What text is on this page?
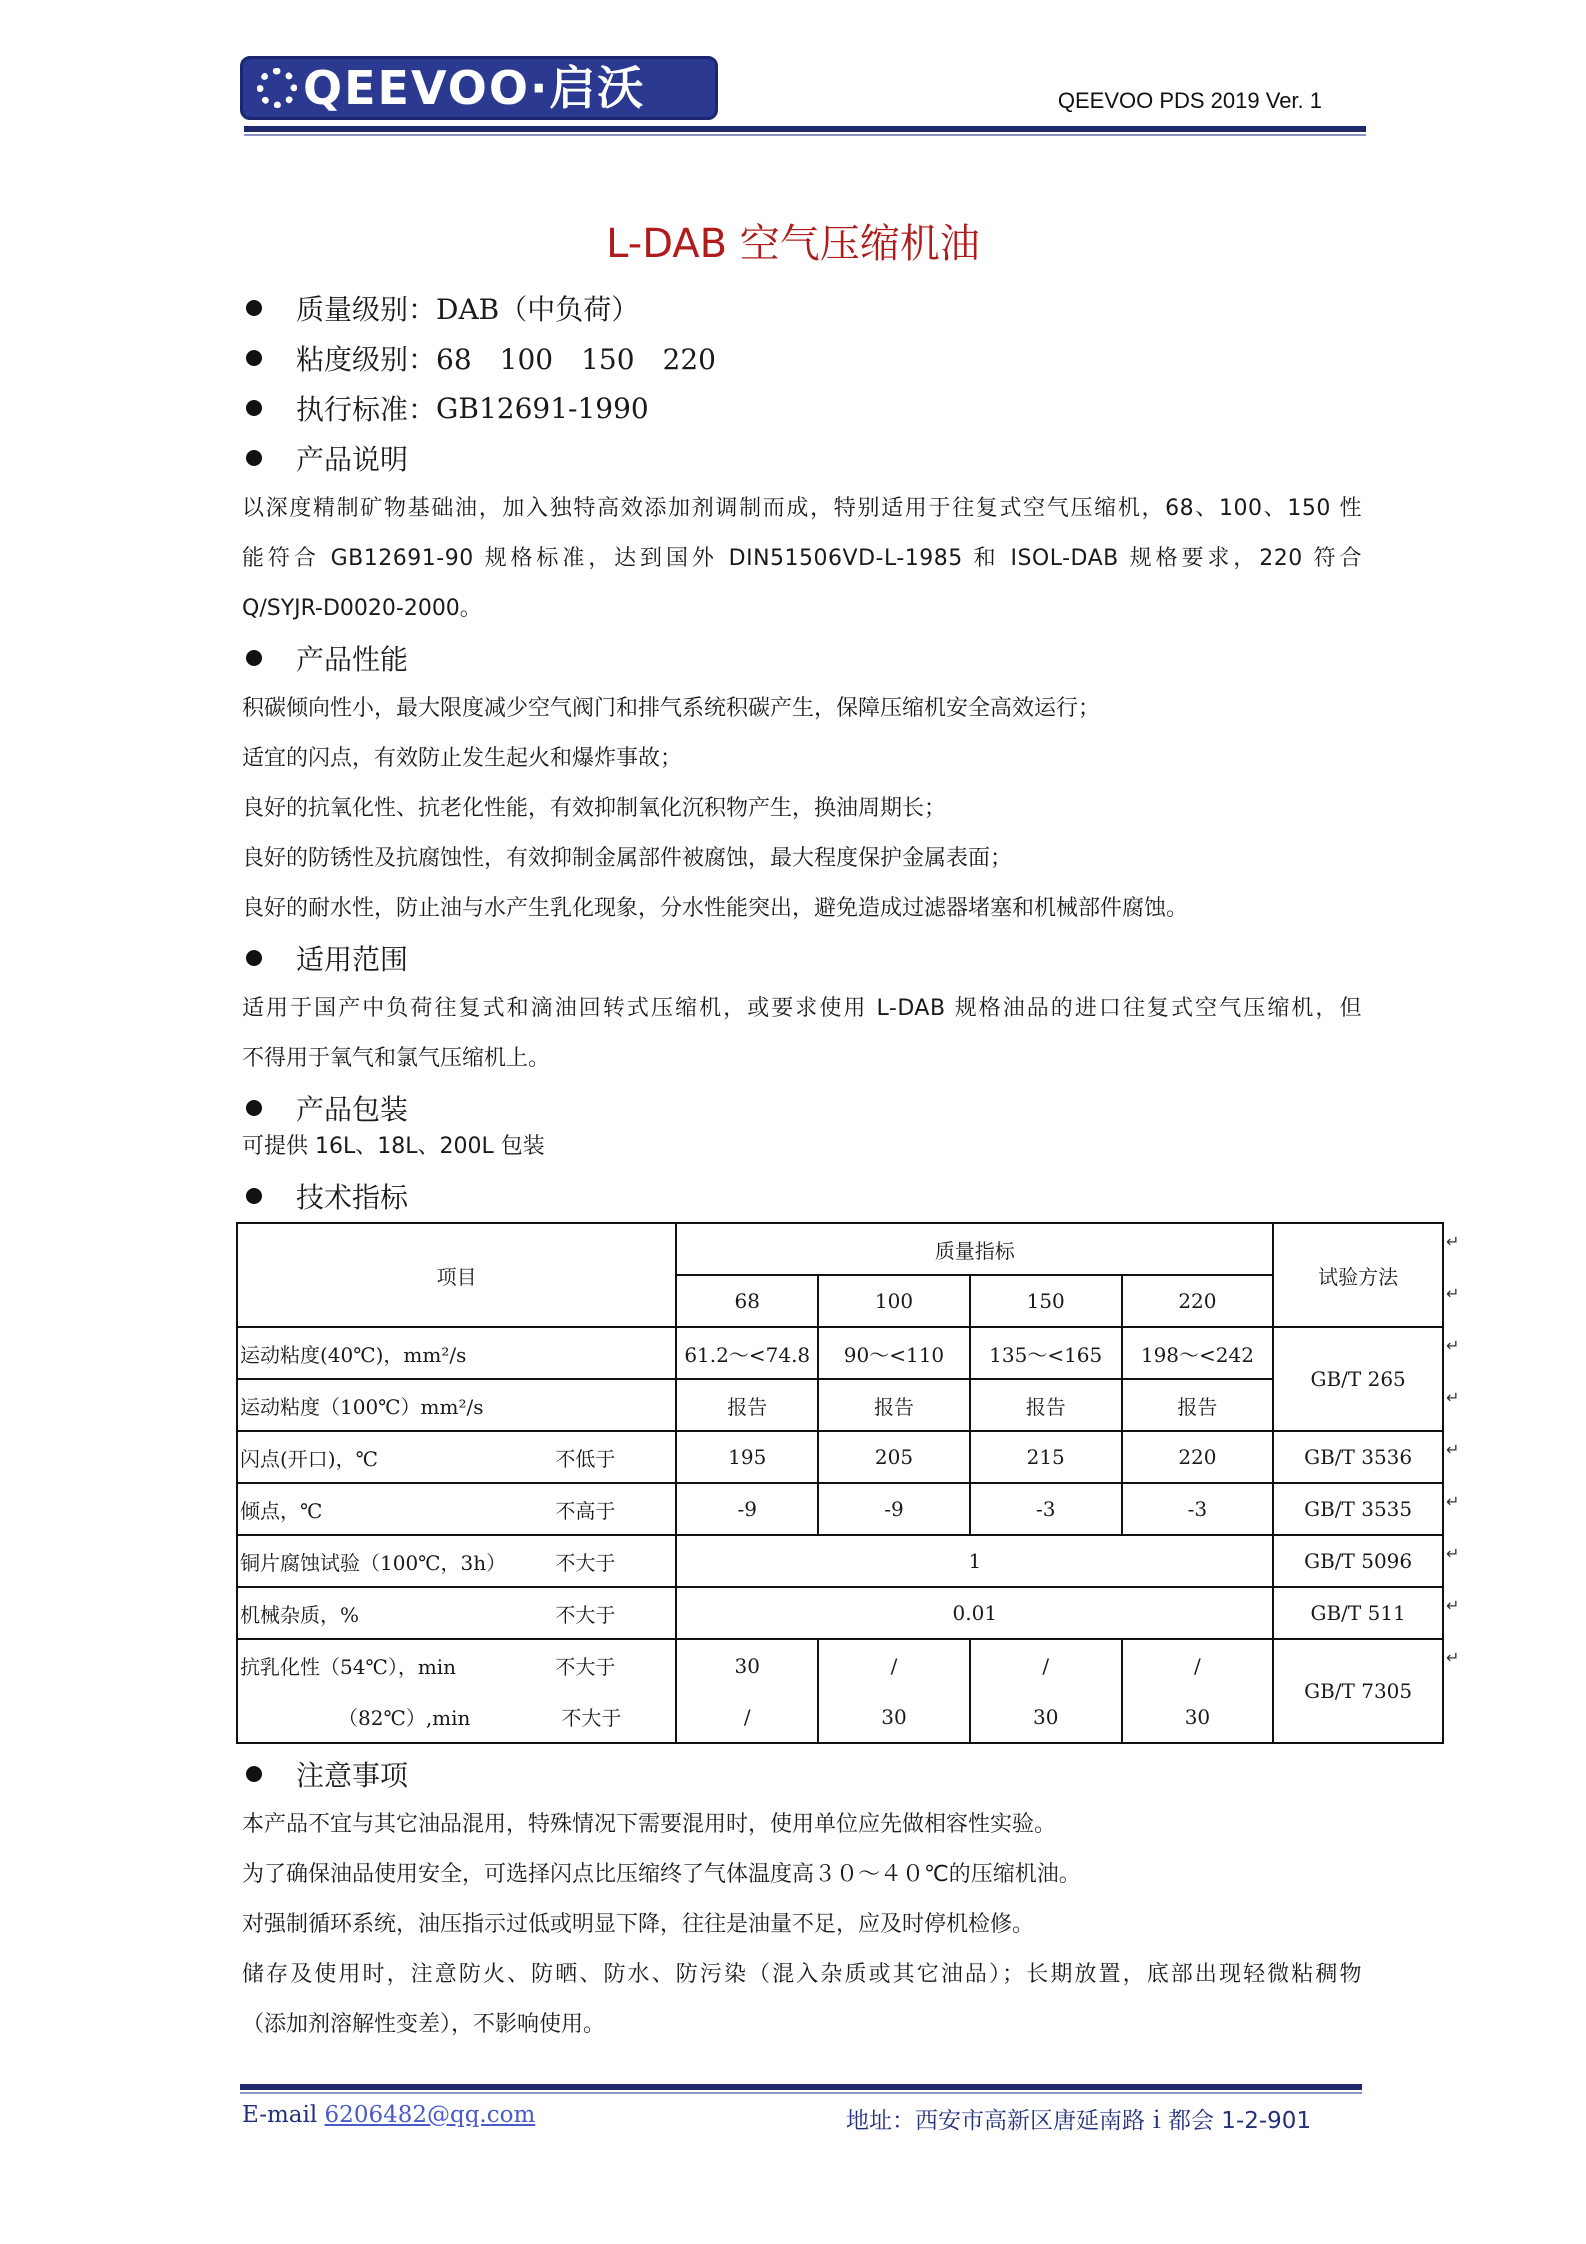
QEEVOO·启沃	QEEVOO PDS 2019 Ver. 1
L-DAB 空气压缩机油
质量级别： DAB（中负荷）
粘度级别： 68　100　150　220
执行标准： GB12691-1990
产品说明

以深度精制矿物基础油，加入独特高效添加剂调制而成，特别适用于往复式空气压缩机，68、100、150 性

能符合 GB12691-90 规格标准，达到国外 DIN51506VD-L-1985 和 ISOL-DAB 规格要求，220 符合

Q/SYJR-D0020-2000。

产品性能

积碳倾向性小，最大限度减少空气阀门和排气系统积碳产生，保障压缩机安全高效运行；

适宜的闪点，有效防止发生起火和爆炸事故；

良好的抗氧化性、抗老化性能，有效抑制氧化沉积物产生，换油周期长；

良好的防锈性及抗腐蚀性，有效抑制金属部件被腐蚀，最大程度保护金属表面；

良好的耐水性，防止油与水产生乳化现象，分水性能突出，避免造成过滤器堵塞和机械部件腐蚀。

适用范围

适用于国产中负荷往复式和滴油回转式压缩机，或要求使用 L-DAB 规格油品的进口往复式空气压缩机，但

不得用于氧气和氯气压缩机上。

产品包装

可提供 16L、18L、200L 包装

技术指标
项目	质量指标				试验方法
	68	100	150	220	
运动粘度(40℃)，mm²/s	61.2～<74.8	90～<110	135～<165	198～<242	GB/T 265
运动粘度（100℃）mm²/s	报告	报告	报告	报告	
闪点(开口)，℃ 不低于	195	205	215	220	GB/T 3536
倾点，℃ 不高于	-9	-9	-3	-3	GB/T 3535
铜片腐蚀试验（100℃，3h） 不大于	1				GB/T 5096
机械杂质，% 不大于	0.01				GB/T 511
抗乳化性（54℃），min 不大于	30	/	/	/	GB/T 7305
（82℃）,min 不大于	/	30	30	30	
↵
↵
↵
↵
↵
↵
↵
↵
↵
注意事项

本产品不宜与其它油品混用，特殊情况下需要混用时，使用单位应先做相容性实验。

为了确保油品使用安全，可选择闪点比压缩终了气体温度高３０～４０℃的压缩机油。

对强制循环系统，油压指示过低或明显下降，往往是油量不足，应及时停机检修。

储存及使用时，注意防火、防晒、防水、防污染（混入杂质或其它油品）；长期放置，底部出现轻微粘稠物

（添加剂溶解性变差），不影响使用。

E-mail 6206482@qq.com	地址：西安市高新区唐延南路ｉ都会 1-2-901
